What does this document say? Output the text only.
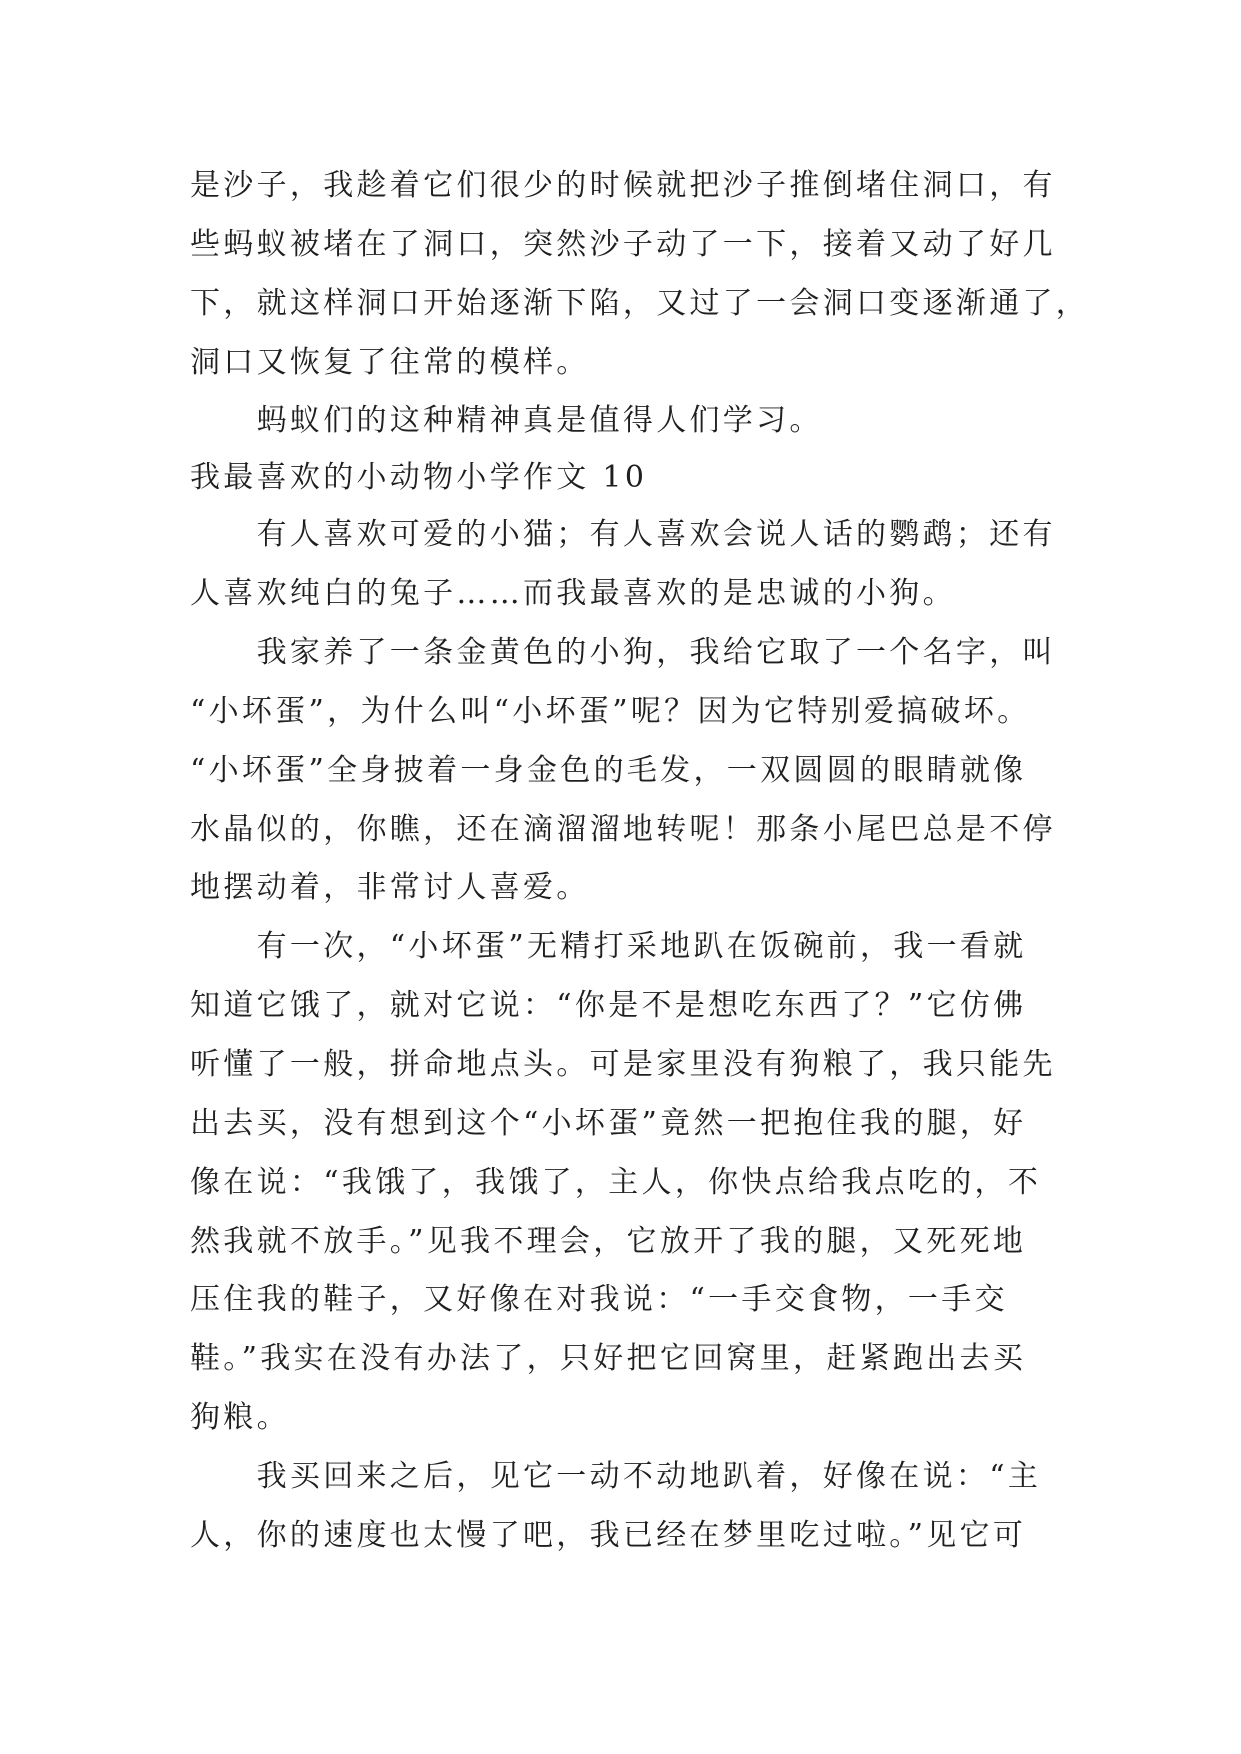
是沙子，我趁着它们很少的时候就把沙子推倒堵住洞口，有
些蚂蚁被堵在了洞口，突然沙子动了一下，接着又动了好几
下，就这样洞口开始逐渐下陷，又过了一会洞口变逐渐通了，
洞口又恢复了往常的模样。
　　蚂蚁们的这种精神真是值得人们学习。
我最喜欢的小动物小学作文 10
　　有人喜欢可爱的小猫；有人喜欢会说人话的鹦鹉；还有
人喜欢纯白的兔子……而我最喜欢的是忠诚的小狗。
　　我家养了一条金黄色的小狗，我给它取了一个名字，叫
“小坏蛋”，为什么叫“小坏蛋”呢？因为它特别爱搞破坏。
“小坏蛋”全身披着一身金色的毛发，一双圆圆的眼睛就像
水晶似的，你瞧，还在滴溜溜地转呢！那条小尾巴总是不停
地摆动着，非常讨人喜爱。
　　有一次，“小坏蛋”无精打采地趴在饭碗前，我一看就
知道它饿了，就对它说：“你是不是想吃东西了？”它仿佛
听懂了一般，拼命地点头。可是家里没有狗粮了，我只能先
出去买，没有想到这个“小坏蛋”竟然一把抱住我的腿，好
像在说：“我饿了，我饿了，主人，你快点给我点吃的，不
然我就不放手。”见我不理会，它放开了我的腿，又死死地
压住我的鞋子，又好像在对我说：“一手交食物，一手交
鞋。”我实在没有办法了，只好把它回窝里，赶紧跑出去买
狗粮。
　　我买回来之后，见它一动不动地趴着，好像在说：“主
人，你的速度也太慢了吧，我已经在梦里吃过啦。”见它可
